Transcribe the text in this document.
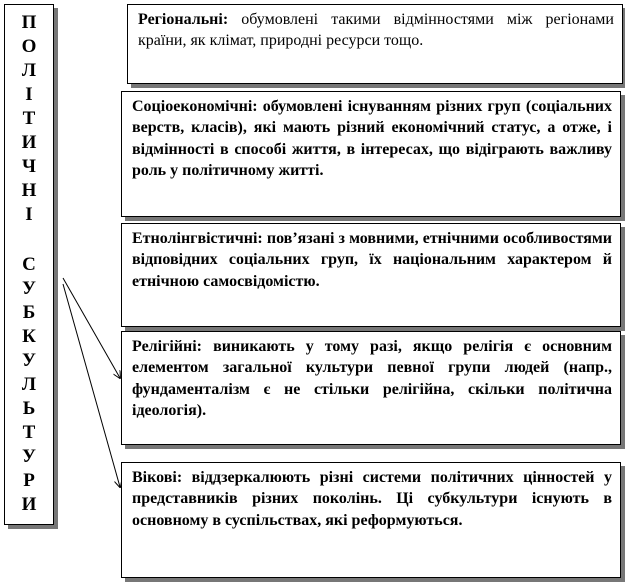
П
О
Л
І
Т
И
Ч
Н
І
С
У
Б
К
У
Л
Ь
Т
У
Р
И
Регіональні: обумовлені такими відмінностями між регіонами країни, як клімат, природні ресурси тощо.
Соціоекономічні: обумовлені існуванням різних груп (соціальних верств, класів), які мають різний економічний статус, а отже, і відмінності в способі життя, в інтересах, що відіграють важливу роль у політичному житті.
Етнолінгвістичні: пов’язані з мовними, етнічними особливостями відповідних соціальних груп, їх національним характером й етнічною самосвідомістю.
Релігійні: виникають у тому разі, якщо релігія є основним елементом загальної культури певної групи людей (напр., фундаменталізм є не стільки релігійна, скільки політична ідеологія).
Вікові: віддзеркалюють різні системи політичних цінностей у представників різних поколінь. Ці субкультури існують в основному в суспільствах, які реформуються.
